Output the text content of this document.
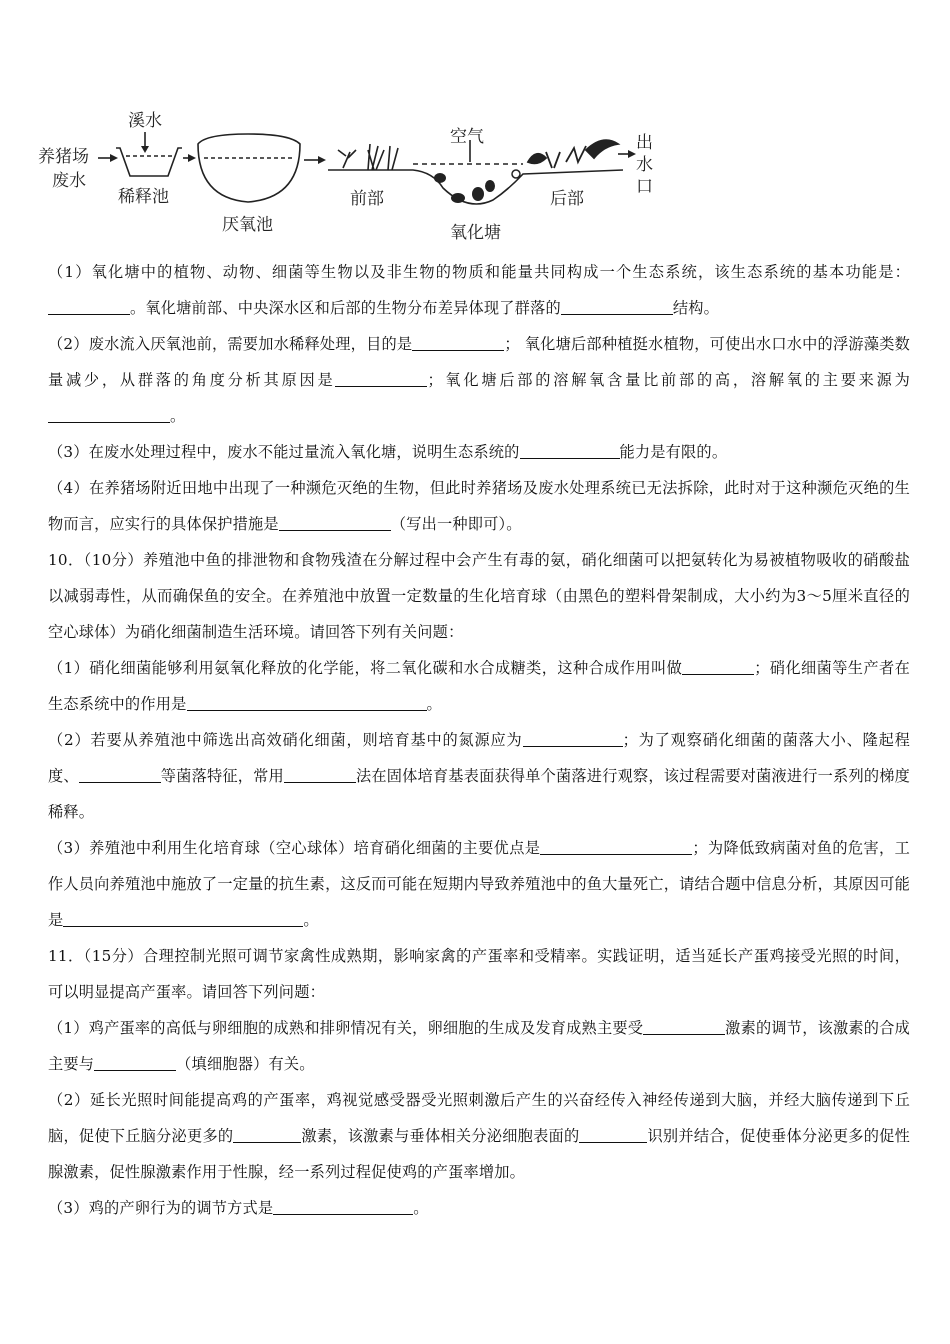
养猪场
废水
溪水
稀释池
厌氧池
空气
前部
氧化塘
后部
出
水
口

（1）氧化塘中的植物、动物、细菌等生物以及非生物的物质和能量共同构成一个生态系统，该生态系统的基本功能是：。氧化塘前部、中央深水区和后部的生物分布差异体现了群落的	结构。

（2）废水流入厌氧池前，需要加水稀释处理，目的是	； 氧化塘后部种植挺水植物，可使出水口水中的浮游藻类数量减少，从群落的角度分析其原因是	；氧化塘后部的溶解氧含量比前部的高，溶解氧的主要来源为。

（3）在废水处理过程中，废水不能过量流入氧化塘，说明生态系统的	能力是有限的。

（4）在养猪场附近田地中出现了一种濒危灭绝的生物，但此时养猪场及废水处理系统已无法拆除，此时对于这种濒危灭绝的生物而言，应实行的具体保护措施是	（写出一种即可）。

10．（10分）养殖池中鱼的排泄物和食物残渣在分解过程中会产生有毒的氨，硝化细菌可以把氨转化为易被植物吸收的硝酸盐以减弱毒性，从而确保鱼的安全。在养殖池中放置一定数量的生化培育球（由黑色的塑料骨架制成，大小约为3～5厘米直径的空心球体）为硝化细菌制造生活环境。请回答下列有关问题：

（1）硝化细菌能够利用氨氧化释放的化学能，将二氧化碳和水合成糖类，这种合成作用叫做	；硝化细菌等生产者在生态系统中的作用是	。

（2）若要从养殖池中筛选出高效硝化细菌，则培育基中的氮源应为	；为了观察硝化细菌的菌落大小、隆起程度、	等菌落特征，常用	法在固体培育基表面获得单个菌落进行观察，该过程需要对菌液进行一系列的梯度稀释。

（3）养殖池中利用生化培育球（空心球体）培育硝化细菌的主要优点是	；为降低致病菌对鱼的危害，工作人员向养殖池中施放了一定量的抗生素，这反而可能在短期内导致养殖池中的鱼大量死亡，请结合题中信息分析，其原因可能是	。

11．（15分）合理控制光照可调节家禽性成熟期，影响家禽的产蛋率和受精率。实践证明，适当延长产蛋鸡接受光照的时间，可以明显提高产蛋率。请回答下列问题：

（1）鸡产蛋率的高低与卵细胞的成熟和排卵情况有关，卵细胞的生成及发育成熟主要受	激素的调节，该激素的合成主要与	（填细胞器）有关。

（2）延长光照时间能提高鸡的产蛋率，鸡视觉感受器受光照刺激后产生的兴奋经传入神经传递到大脑，并经大脑传递到下丘脑，促使下丘脑分泌更多的	激素，该激素与垂体相关分泌细胞表面的	识别并结合，促使垂体分泌更多的促性腺激素，促性腺激素作用于性腺，经一系列过程促使鸡的产蛋率增加。

（3）鸡的产卵行为的调节方式是	。
